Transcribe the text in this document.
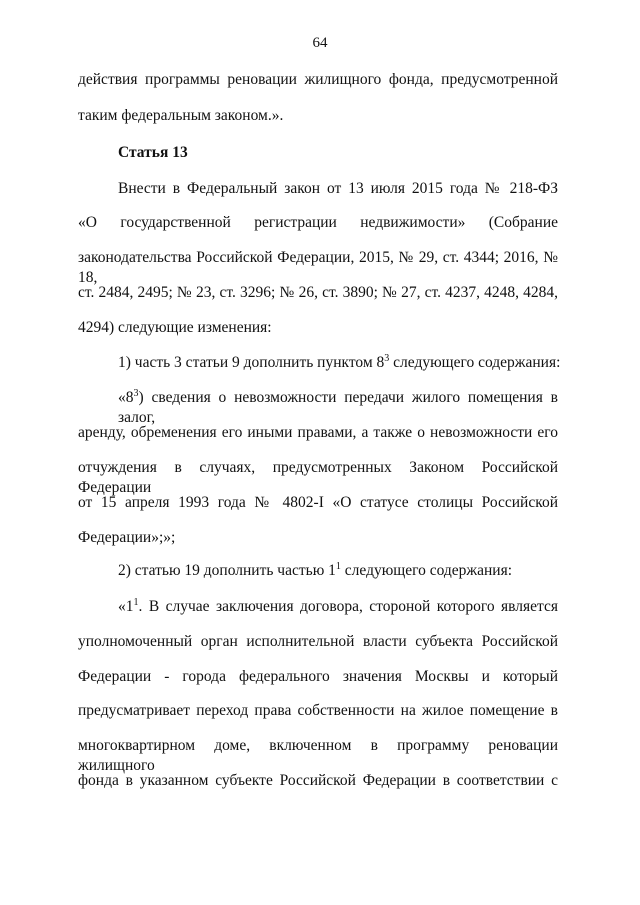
64
действия программы реновации жилищного фонда, предусмотренной
таким федеральным законом.».
Статья 13
Внести в Федеральный закон от 13 июля 2015 года № 218-ФЗ
«О государственной регистрации недвижимости» (Собрание
законодательства Российской Федерации, 2015, № 29, ст. 4344; 2016, № 18,
ст. 2484, 2495; № 23, ст. 3296; № 26, ст. 3890; № 27, ст. 4237, 4248, 4284,
4294) следующие изменения:
1) часть 3 статьи 9 дополнить пунктом $8^3$ следующего содержания:
«$8^3$) сведения о невозможности передачи жилого помещения в залог,
аренду, обременения его иными правами, а также о невозможности его
отчуждения в случаях, предусмотренных Законом Российской Федерации
от 15 апреля 1993 года № 4802-I «О статусе столицы Российской
Федерации»;»;
2) статью 19 дополнить частью $1^1$ следующего содержания:
«$1^1$. В случае заключения договора, стороной которого является
уполномоченный орган исполнительной власти субъекта Российской
Федерации - города федерального значения Москвы и который
предусматривает переход права собственности на жилое помещение в
многоквартирном доме, включенном в программу реновации жилищного
фонда в указанном субъекте Российской Федерации в соответствии с
